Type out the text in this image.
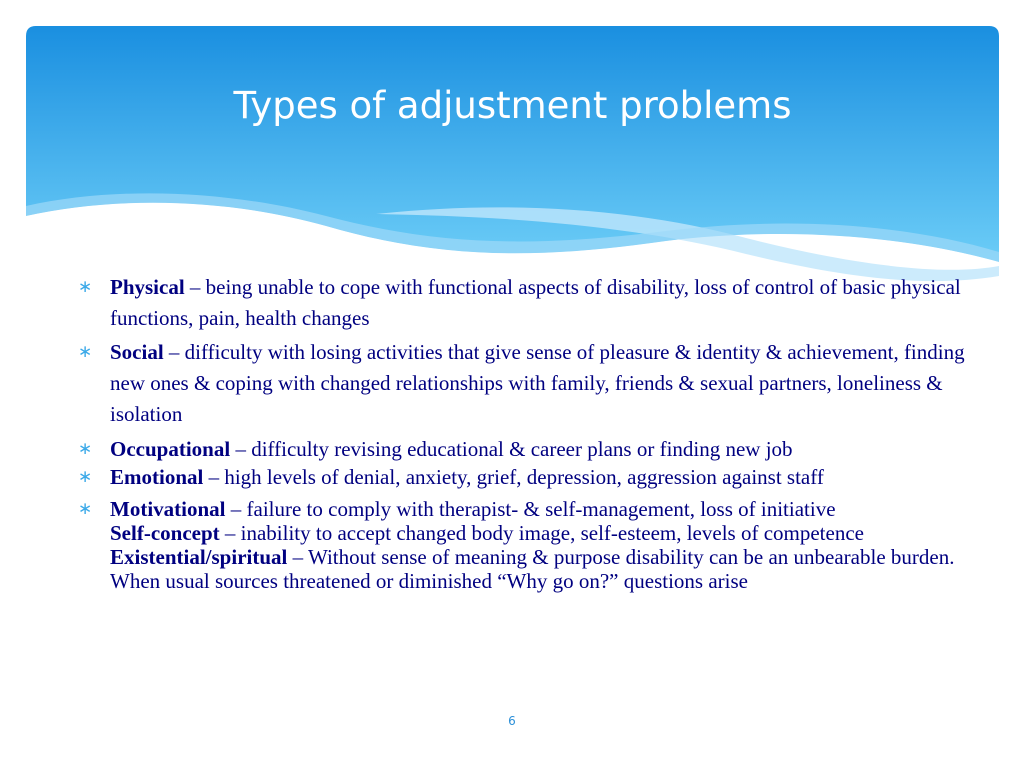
Types of adjustment problems
∗ Physical – being unable to cope with functional aspects of disability, loss of control of basic physical functions, pain, health changes
∗ Social – difficulty with losing activities that give sense of pleasure & identity & achievement, finding new ones & coping with changed relationships with family, friends & sexual partners, loneliness & isolation
∗ Occupational – difficulty revising educational & career plans or finding new job
∗ Emotional – high levels of denial, anxiety, grief, depression, aggression against staff
∗ Motivational – failure to comply with therapist- & self-management, loss of initiative
Self-concept – inability to accept changed body image, self-esteem, levels of competence
Existential/spiritual – Without sense of meaning & purpose disability can be an unbearable burden. When usual sources threatened or diminished “Why go on?” questions arise
6
